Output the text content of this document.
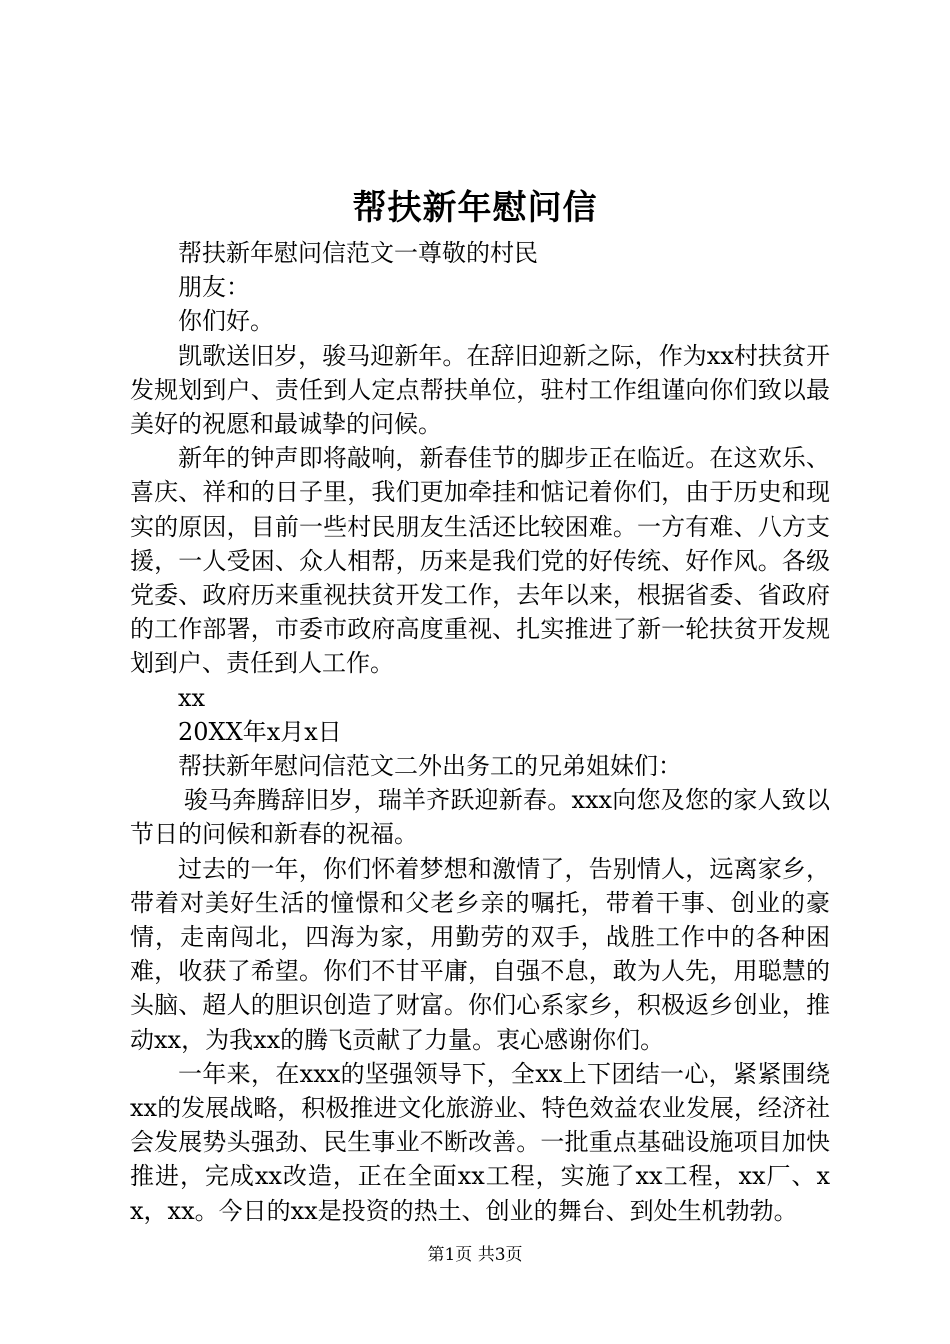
帮扶新年慰问信

帮扶新年慰问信范文一尊敬的村民

朋友：

你们好。

凯歌送旧岁，骏马迎新年。在辞旧迎新之际，作为xx村扶贫开发规划到户、责任到人定点帮扶单位，驻村工作组谨向你们致以最美好的祝愿和最诚挚的问候。

新年的钟声即将敲响，新春佳节的脚步正在临近。在这欢乐、喜庆、祥和的日子里，我们更加牵挂和惦记着你们，由于历史和现实的原因，目前一些村民朋友生活还比较困难。一方有难、八方支援，一人受困、众人相帮，历来是我们党的好传统、好作风。各级党委、政府历来重视扶贫开发工作，去年以来，根据省委、省政府的工作部署，市委市政府高度重视、扎实推进了新一轮扶贫开发规划到户、责任到人工作。

xx

20XX年x月x日

帮扶新年慰问信范文二外出务工的兄弟姐妹们：

骏马奔腾辞旧岁，瑞羊齐跃迎新春。xxx向您及您的家人致以节日的问候和新春的祝福。

过去的一年，你们怀着梦想和激情了，告别情人，远离家乡，带着对美好生活的憧憬和父老乡亲的嘱托，带着干事、创业的豪情，走南闯北，四海为家，用勤劳的双手，战胜工作中的各种困难，收获了希望。你们不甘平庸，自强不息，敢为人先，用聪慧的头脑、超人的胆识创造了财富。你们心系家乡，积极返乡创业，推动xx，为我xx的腾飞贡献了力量。衷心感谢你们。

一年来，在xxx的坚强领导下，全xx上下团结一心，紧紧围绕xx的发展战略，积极推进文化旅游业、特色效益农业发展，经济社会发展势头强劲、民生事业不断改善。一批重点基础设施项目加快推进，完成xx改造，正在全面xx工程，实施了xx工程，xx厂、xx，xx。今日的xx是投资的热土、创业的舞台、到处生机勃勃。

第1页 共3页
